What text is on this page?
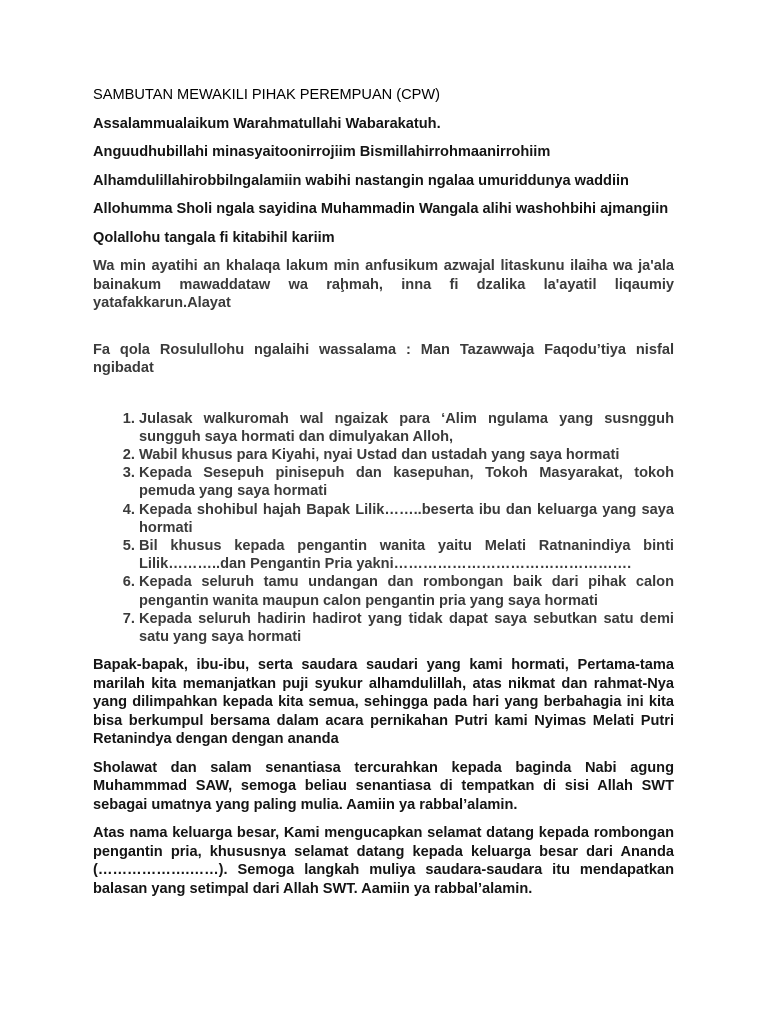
SAMBUTAN MEWAKILI PIHAK PEREMPUAN (CPW)

Assalammualaikum Warahmatullahi Wabarakatuh.

Anguudhubillahi minasyaitoonirrojiim Bismillahirrohmaanirrohiim

Alhamdulillahirobbilngalamiin wabihi nastangin ngalaa umuriddunya waddiin

Allohumma Sholi ngala sayidina Muhammadin Wangala alihi washohbihi ajmangiin

Qolallohu tangala fi kitabihil kariim

Wa min ayatihi an khalaqa lakum min anfusikum azwajal litaskunu ilaiha wa ja'ala bainakum mawaddataw wa raḩmah, inna fi dzalika la'ayatil liqaumiy yatafakkarun.Alayat

Fa qola Rosulullohu ngalaihi wassalama : Man Tazawwaja Faqodu’tiya nisfal ngibadat

1. Julasak walkuromah wal ngaizak para ‘Alim ngulama yang susngguh sungguh saya hormati dan dimulyakan Alloh,
2. Wabil khusus para Kiyahi, nyai Ustad dan ustadah yang saya hormati
3. Kepada Sesepuh pinisepuh dan kasepuhan, Tokoh Masyarakat, tokoh pemuda yang saya hormati
4. Kepada shohibul hajah Bapak Lilik……..beserta ibu dan keluarga yang saya hormati
5. Bil khusus kepada pengantin wanita yaitu Melati Ratnanindiya binti Lilik………..dan Pengantin Pria yakni………………………………………….
6. Kepada seluruh tamu undangan dan rombongan baik dari pihak calon pengantin wanita maupun calon pengantin pria yang saya hormati
7. Kepada seluruh hadirin hadirot yang tidak dapat saya sebutkan satu demi satu yang saya hormati

Bapak-bapak, ibu-ibu, serta saudara saudari yang kami hormati, Pertama-tama marilah kita memanjatkan puji syukur alhamdulillah, atas nikmat dan rahmat-Nya yang dilimpahkan kepada kita semua, sehingga pada hari yang berbahagia ini kita bisa berkumpul bersama dalam acara pernikahan Putri kami Nyimas Melati Putri Retanindya dengan dengan ananda

Sholawat dan salam senantiasa tercurahkan kepada baginda Nabi agung Muhammmad SAW, semoga beliau senantiasa di tempatkan di sisi Allah SWT sebagai umatnya yang paling mulia. Aamiin ya rabbal’alamin.

Atas nama keluarga besar, Kami mengucapkan selamat datang kepada rombongan pengantin pria, khususnya selamat datang kepada keluarga besar dari Ananda (……………….……). Semoga langkah muliya saudara-saudara itu mendapatkan balasan yang setimpal dari Allah SWT. Aamiin ya rabbal’alamin.
